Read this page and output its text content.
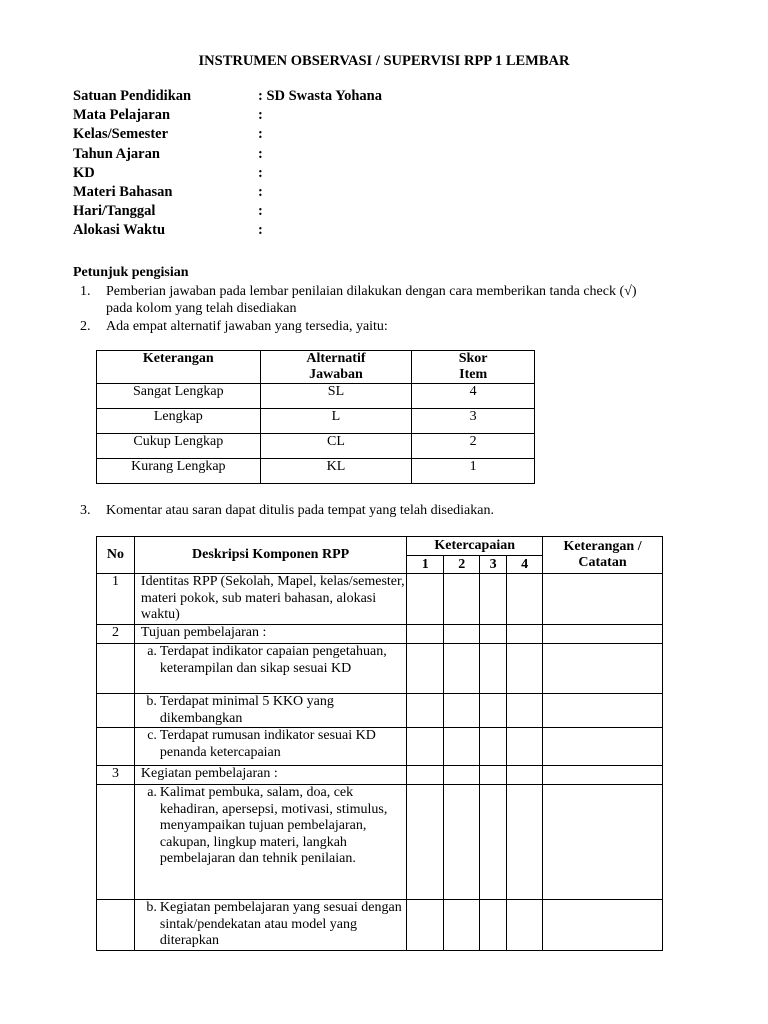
INSTRUMEN OBSERVASI / SUPERVISI RPP 1 LEMBAR
Satuan Pendidikan	: SD Swasta Yohana
Mata Pelajaran	:
Kelas/Semester	:
Tahun Ajaran	:
KD	:
Materi Bahasan	:
Hari/Tanggal	:
Alokasi Waktu	:
Petunjuk pengisian
1. Pemberian jawaban pada lembar penilaian dilakukan dengan cara memberikan tanda check (√)
pada kolom yang telah disediakan
2. Ada empat alternatif jawaban yang tersedia, yaitu:
Keterangan	Alternatif Jawaban	Skor Item
Sangat Lengkap	SL	4
Lengkap	L	3
Cukup Lengkap	CL	2
Kurang Lengkap	KL	1
3. Komentar atau saran dapat ditulis pada tempat yang telah disediakan.
No	Deskripsi Komponen RPP	Ketercapaian				Keterangan / Catatan
		1	2	3	4	
1	Identitas RPP (Sekolah, Mapel, kelas/semester, materi pokok, sub materi bahasan, alokasi waktu)					
2	Tujuan pembelajaran :					

	a. Terdapat indikator capaian pengetahuan, keterampilan dan sikap sesuai KD					

	b. Terdapat minimal 5 KKO yang dikembangkan					

	c. Terdapat rumusan indikator sesuai KD penanda ketercapaian					

3	Kegiatan pembelajaran :					

	a. Kalimat pembuka, salam, doa, cek kehadiran, apersepsi, motivasi, stimulus, menyampaikan tujuan pembelajaran, cakupan, lingkup materi, langkah pembelajaran dan tehnik penilaian.					

	b. Kegiatan pembelajaran yang sesuai dengan sintak/pendekatan atau model yang diterapkan					
